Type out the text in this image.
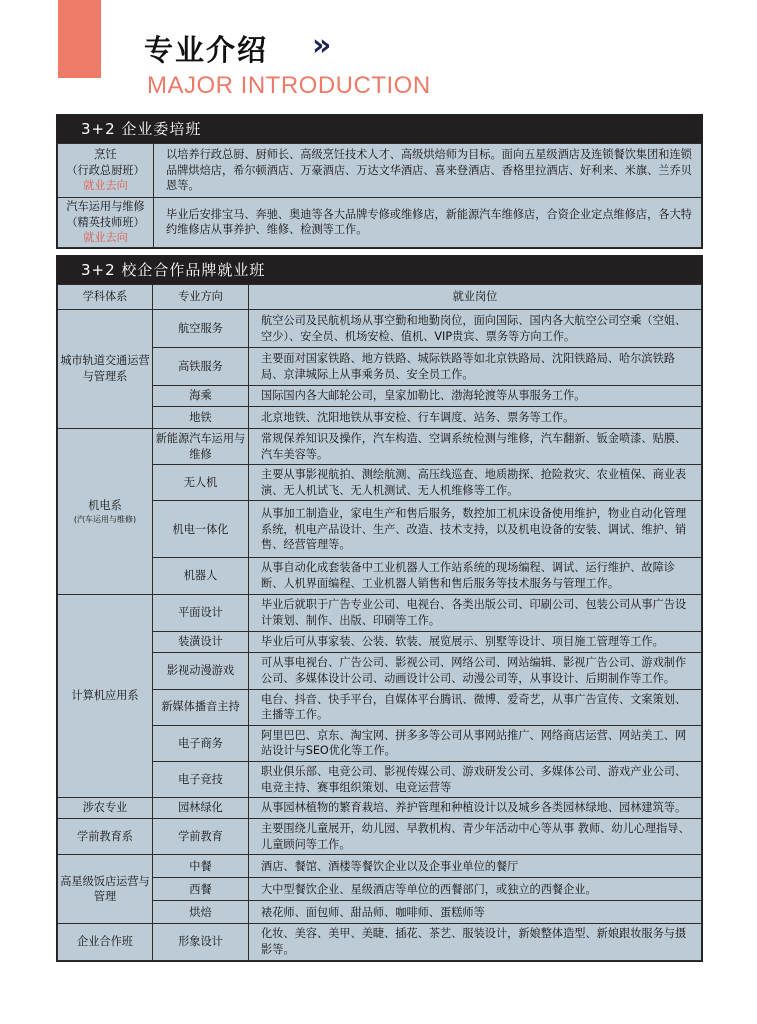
专业介绍 »
MAJOR INTRODUCTION
3+2 企业委培班
烹饪
（行政总厨班）
就业去向	以培养行政总厨、厨师长、高级烹饪技术人才、高级烘焙师为目标。面向五星级酒店及连锁餐饮集团和连锁品牌烘焙店，希尔顿酒店、万豪酒店、万达文华酒店、喜来登酒店、香格里拉酒店、好利来、米旗、兰乔贝恩等。

汽车运用与维修
（精英技师班）
就业去向	毕业后安排宝马、奔驰、奥迪等各大品牌专修或维修店，新能源汽车维修店，合资企业定点维修店，各大特约维修店从事养护、维修、检测等工作。
3+2 校企合作品牌就业班
学科体系	专业方向	就业岗位

城市轨道交通运营与管理系	航空服务	航空公司及民航机场从事空勤和地勤岗位，面向国际、国内各大航空公司空乘（空姐、空少）、安全员、机场安检、值机、VIP贵宾、票务等方向工作。
	高铁服务	主要面对国家铁路、地方铁路、城际铁路等如北京铁路局、沈阳铁路局、哈尔滨铁路局、京津城际上从事乘务员、安全员工作。
	海乘	国际国内各大邮轮公司，皇家加勒比、渤海轮渡等从事服务工作。
	地铁	北京地铁、沈阳地铁从事安检、行车调度、站务、票务等工作。

机电系
(汽车运用与维修)	新能源汽车运用与维修	常规保养知识及操作，汽车构造、空调系统检测与维修，汽车翻新、钣金喷漆、贴膜、汽车美容等。
	无人机	主要从事影视航拍、测绘航测、高压线巡查、地质勘探、抢险救灾、农业植保、商业表演、无人机试飞、无人机测试、无人机维修等工作。
	机电一体化	从事加工制造业，家电生产和售后服务，数控加工机床设备使用维护，物业自动化管理系统，机电产品设计、生产、改造、技术支持，以及机电设备的安装、调试、维护、销售、经营管理等。
	机器人	从事自动化成套装备中工业机器人工作站系统的现场编程、调试、运行维护、故障诊断、人机界面编程、工业机器人销售和售后服务等技术服务与管理工作。

计算机应用系	平面设计	毕业后就职于广告专业公司、电视台、各类出版公司、印刷公司、包装公司从事广告设计策划、制作、出版、印刷等工作。
	装潢设计	毕业后可从事家装、公装、软装、展览展示、别墅等设计、项目施工管理等工作。
	影视动漫游戏	可从事电视台、广告公司、影视公司、网络公司、网站编辑、影视广告公司、游戏制作公司、多媒体设计公司、动画设计公司、动漫公司等，从事设计、后期制作等工作。
	新媒体播音主持	电台、抖音、快手平台，自媒体平台腾讯、微博、爱奇艺，从事广告宣传、文案策划、主播等工作。
	电子商务	阿里巴巴、京东、淘宝网、拼多多等公司从事网站推广、网络商店运营、网站美工、网站设计与SEO优化等工作。
	电子竞技	职业俱乐部、电竞公司、影视传媒公司、游戏研发公司、多媒体公司、游戏产业公司、电竞主持、赛事组织策划、电竞运营等

涉农专业	园林绿化	从事园林植物的繁育栽培、养护管理和种植设计以及城乡各类园林绿地、园林建筑等。

学前教育系	学前教育	主要围绕儿童展开，幼儿园、早教机构、青少年活动中心等从事 教师、幼儿心理指导、儿童顾问等工作。

高星级饭店运营与管理	中餐	酒店、餐馆、酒楼等餐饮企业以及企事业单位的餐厅
	西餐	大中型餐饮企业、星级酒店等单位的西餐部门，或独立的西餐企业。
	烘焙	裱花师、面包师、甜品师、咖啡师、蛋糕师等

企业合作班	形象设计	化妆、美容、美甲、美睫、插花、茶艺、服装设计，新娘整体造型、新娘跟妆服务与摄影等。
